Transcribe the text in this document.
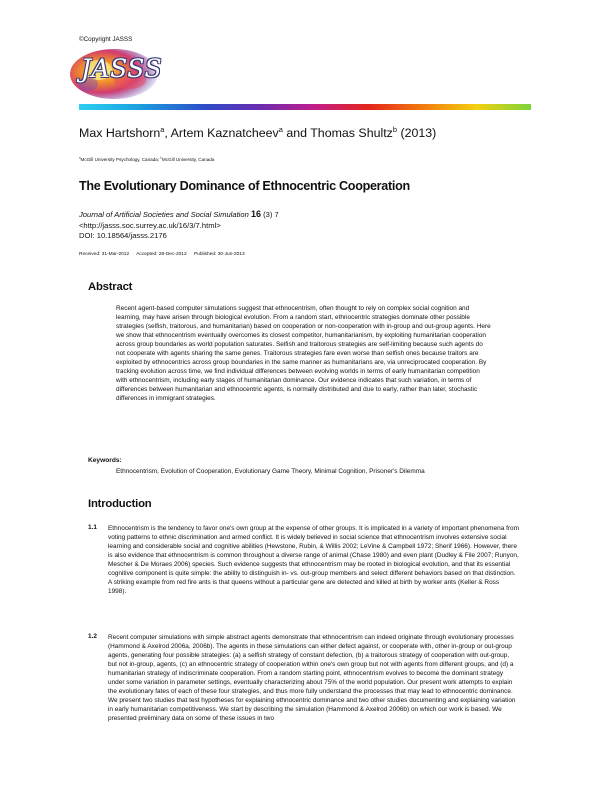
©Copyright JASSS
JASSS
Max Hartshorn$^a$, Artem Kaznatcheev$^a$ and Thomas Shultz$^b$ (2013)
$^a$McGill University Psychology, Canada; $^b$McGill University, Canada
The Evolutionary Dominance of Ethnocentric Cooperation
Journal of Artificial Societies and Social Simulation 16 (3) 7
<http://jasss.soc.surrey.ac.uk/16/3/7.html>
DOI: 10.18564/jasss.2176
Received: 31-Mar-2012 Accepted: 28-Dec-2012 Published: 30-Jun-2013
Abstract

Recent agent-based computer simulations suggest that ethnocentrism, often thought to rely on complex social cognition and learning, may have arisen through biological evolution. From a random start, ethnocentric strategies dominate other possible strategies (selfish, traitorous, and humanitarian) based on cooperation or non-cooperation with in-group and out-group agents. Here we show that ethnocentrism eventually overcomes its closest competitor, humanitarianism, by exploiting humanitarian cooperation across group boundaries as world population saturates. Selfish and traitorous strategies are self-limiting because such agents do not cooperate with agents sharing the same genes. Traitorous strategies fare even worse than selfish ones because traitors are exploited by ethnocentrics across group boundaries in the same manner as humanitarians are, via unreciprocated cooperation. By tracking evolution across time, we find individual differences between evolving worlds in terms of early humanitarian competition with ethnocentrism, including early stages of humanitarian dominance. Our evidence indicates that such variation, in terms of differences between humanitarian and ethnocentric agents, is normally distributed and due to early, rather than later, stochastic differences in immigrant strategies.

Keywords:

Ethnocentrism, Evolution of Cooperation, Evolutionary Game Theory, Minimal Cognition, Prisoner's Dilemma

Introduction
1.1 Ethnocentrism is the tendency to favor one's own group at the expense of other groups. It is implicated in a variety of important phenomena from voting patterns to ethnic discrimination and armed conflict. It is widely believed in social science that ethnocentrism involves extensive social learning and considerable social and cognitive abilities (Hewstone, Rubin, & Willis 2002; LeVine & Campbell 1972; Sherif 1966). However, there is also evidence that ethnocentrism is common throughout a diverse range of animal (Chase 1980) and even plant (Dudley & File 2007; Runyon, Mescher & De Moraes 2006) species. Such evidence suggests that ethnocentrism may be rooted in biological evolution, and that its essential cognitive component is quite simple: the ability to distinguish in- vs. out-group members and select different behaviors based on that distinction. A striking example from red fire ants is that queens without a particular gene are detected and killed at birth by worker ants (Keller & Ross 1998).

1.2 Recent computer simulations with simple abstract agents demonstrate that ethnocentrism can indeed originate through evolutionary processes (Hammond & Axelrod 2006a, 2006b). The agents in these simulations can either defect against, or cooperate with, other in-group or out-group agents, generating four possible strategies: (a) a selfish strategy of constant defection, (b) a traitorous strategy of cooperation with out-group, but not in-group, agents, (c) an ethnocentric strategy of cooperation within one's own group but not with agents from different groups, and (d) a humanitarian strategy of indiscriminate cooperation. From a random starting point, ethnocentrism evolves to become the dominant strategy under some variation in parameter settings, eventually characterizing about 75% of the world population. Our present work attempts to explain the evolutionary fates of each of these four strategies, and thus more fully understand the processes that may lead to ethnocentric dominance. We present two studies that test hypotheses for explaining ethnocentric dominance and two other studies documenting and explaining variation in early humanitarian competitiveness. We start by describing the simulation (Hammond & Axelrod 2006b) on which our work is based. We presented preliminary data on some of these issues in two
